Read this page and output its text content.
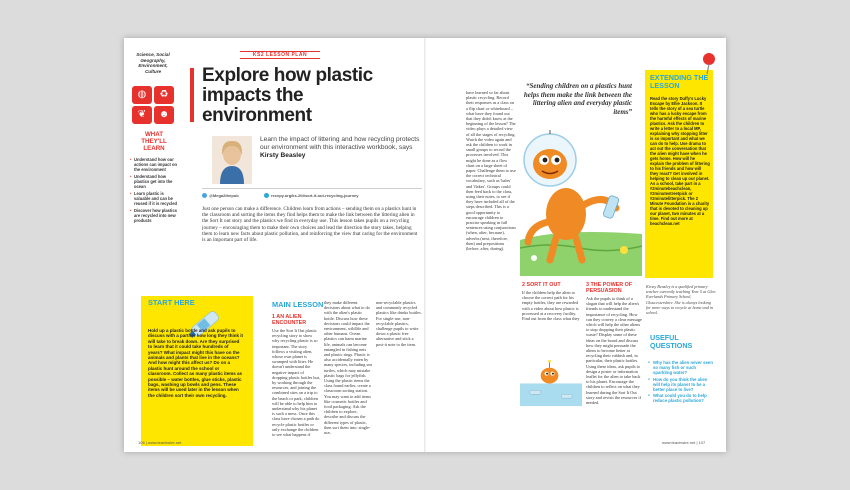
Science, Social Geography, Environment, Culture
◍	♻
❦	☻
WHAT THEY'LL LEARN
• Understand how our actions can impact on the environment
• Understand how plastics get into the ocean
• Learn plastic is valuable and can be reused if it is recycled
• Discover how plastics are recycled into new products
KS2 LESSON PLAN
Explore how plastic impacts the environment
Learn the impact of littering and how recycling protects our environment with this interactive workbook, says Kirsty Beasley
@Mega2thepub	recepy.org/ks-2lit/sort-it-out-recycling-journey
Just one person can make a difference. Children learn from actions – sending them on a plastics hunt in the classroom and sorting the items they find helps them to make the link between the littering alien in the Sort It out story and the plastics we find in everyday use. This lesson takes pupils on a recycling journey – encouraging them to make their own choices and lead the direction the story takes, helping them to learn new facts about plastic pollution, and reinforcing the view that caring for the environment is an important part of life.
START HERE
Hold up a plastic bottle and ask pupils to discuss with a partner how long they think it will take to break down. Are they surprised to learn that it could take hundreds of years? What impact might this have on the animals and plants that live in the oceans? And how might this affect us? Do on a plastic hunt around the school or classroom. Collect as many plastic items as possible – water bottles, glue sticks, plastic bags, washing up bowls and pens. These items will be used later in the lesson when the children sort their own recycling.
MAIN LESSON
1 AN ALIEN ENCOUNTER
Use the Sort It Out plastic recycling story to show why recycling plastic is so important. The story follows a visiting alien, whose own planet is swamped with litter. He doesn't understand the negative impact of dropping plastic bottles but, by working through the resources, and joining the combined sites on a trip to the beach or park, children will be able to help him to understand why his planet is such a mess. Once this class have chosen a path do recycle plastic bottles or only exchange the children to see what happens if
they make different decisions about what to do with the alien's plastic bottle. Discuss how these decisions could impact the environment, wildlife and other humans. Ocean plastics can harm marine life, animals can become entangled in fishing nets and plastic rings. Plastic is also accidentally eaten by many species, including sea turtles, which may mistake plastic bags for jellyfish. Using the plastic items the class found earlier, create a classroom sorting station. You may want to add items like cosmetic bottles and food packaging. Ask the children to explore, describe and discuss the different types of plastic, then sort them into: single-use,
non-recyclable plastics and commonly recycled plastics like drinks bottles. For single-use, non-recyclable plastics, challenge pupils to write down a plastic free alternative and stick a post-it note to the item.
have learned so far about plastic recycling. Record their responses as a class on a flip chart or whiteboard – what have they found out that they didn't know at the beginning of the lesson? The video plays a detailed view of all the stages of recycling. Watch the video again and ask the children to work in small groups to record the processes involved. This might be done as a flow chart on a large sheet of paper. Challenge them to use the correct technical vocabulary, such as 'bales' and 'flakes'. Groups could then feed back to the class, using their notes, to see if they have included all of the steps described. This is a good opportunity to encourage children to practise speaking in full sentences using conjunctions (when, after, because), adverbs (next, therefore, then) and prepositions (before, after, during).
“Sending children on a plastics hunt helps them make the link between the littering alien and everyday plastic items”
2 SORT IT OUT
If the children help the alien to choose the correct path for his empty bottles, they are rewarded with a video about how plastic is processed at a recovery facility. Find out from the class what they
3 THE POWER OF PERSUASION
Ask the pupils to think of a slogan that will help the alien's friends to understand the importance of recycling. How can they convey a clear message which will help the other aliens to stop dropping their plastic waste? Display some of these ideas on the board and discuss how they might persuade the aliens to become better at recycling their rubbish and, in particular, their plastic bottles. Using these ideas, ask pupils to design a poster or information leaflet for the alien to take back to his planet. Encourage the children to reflect on what they learned during the Sort It Out story and revisit the resources if needed.
EXTENDING THE LESSON
Read the story Duffy's Lucky Escape by Ellie Jackson. It tells the story of a sea turtle who has a lucky escape from the harmful effects of marine plastics. Ask the children to write a letter to a local MP, explaining why stopping litter is so important and what we can do to help. Use drama to act out the conversation that the alien might have when he gets home. How will he explain the problem of littering to his friends and how will they react? Get involved in helping to clean up our planet. As a school, take part in a #2minutebeachclean, #2minutestreetpick or #2minutelitterpick. The 2 Minute Foundation is a charity that is devoted to cleaning up our planet, two minutes at a time. Find out more at beachclean.net
Kirsty Beasley is a qualified primary teacher currently teaching Year 5 at Glen Everlands Primary School, Gloucestershire. She is always looking for more ways to recycle at home and in school.
USEFUL QUESTIONS
● Why has the alien never seen so many fish or such sparkling water?
● How do you think the alien will help its planet to be a better place to live?
● What could you do to help reduce plastic pollution?
106 | www.teachwire.net	www.teachwire.net | 107
